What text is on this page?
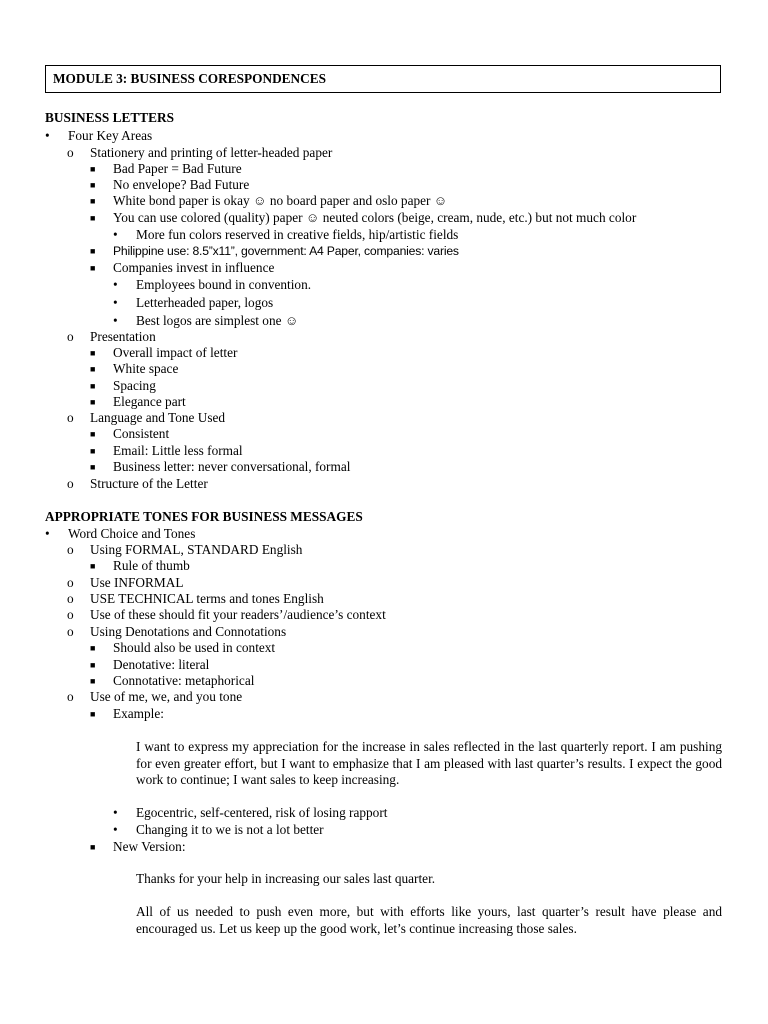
MODULE 3: BUSINESS CORESPONDENCES
BUSINESS LETTERS
• Four Key Areas
o Stationery and printing of letter-headed paper
■ Bad Paper = Bad Future
■ No envelope? Bad Future
■ White bond paper is okay ☺ no board paper and oslo paper ☺
■ You can use colored (quality) paper ☺ neuted colors (beige, cream, nude, etc.) but not much color
• More fun colors reserved in creative fields, hip/artistic fields
■ Philippine use: 8.5”x11”, government: A4 Paper, companies: varies
■ Companies invest in influence
• Employees bound in convention.
• Letterheaded paper, logos
• Best logos are simplest one ☺
o Presentation
■ Overall impact of letter
■ White space
■ Spacing
■ Elegance part
o Language and Tone Used
■ Consistent
■ Email: Little less formal
■ Business letter: never conversational, formal
o Structure of the Letter
APPROPRIATE TONES FOR BUSINESS MESSAGES
• Word Choice and Tones
o Using FORMAL, STANDARD English
■ Rule of thumb
o Use INFORMAL
o USE TECHNICAL terms and tones English
o Use of these should fit your readers’/audience’s context
o Using Denotations and Connotations
■ Should also be used in context
■ Denotative: literal
■ Connotative: metaphorical
o Use of me, we, and you tone
■ Example:
I want to express my appreciation for the increase in sales reflected in the last quarterly report. I am pushing for even greater effort, but I want to emphasize that I am pleased with last quarter’s results. I expect the good work to continue; I want sales to keep increasing.
• Egocentric, self-centered, risk of losing rapport
• Changing it to we is not a lot better
■ New Version:
Thanks for your help in increasing our sales last quarter.
All of us needed to push even more, but with efforts like yours, last quarter’s result have please and encouraged us. Let us keep up the good work, let’s continue increasing those sales.
